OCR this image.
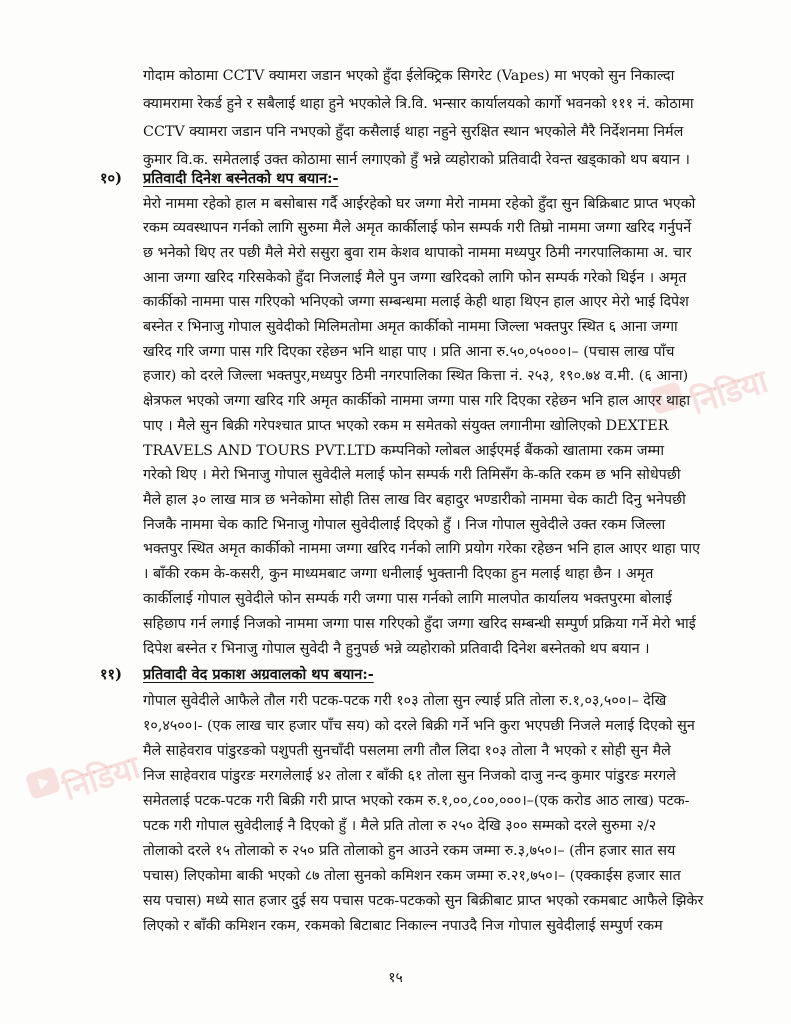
निडिया
निडिया
गोदाम कोठामा CCTV क्यामरा जडान भएको हुँदा ईलेक्ट्रिक सिगरेट (Vapes) मा भएको सुन निकाल्दा
क्यामरामा रेकर्ड हुने र सबैलाई थाहा हुने भएकोले त्रि.वि. भन्सार कार्यालयको कार्गो भवनको १११ नं. कोठामा
CCTV क्यामरा जडान पनि नभएको हुँदा कसैलाई थाहा नहुने सुरक्षित स्थान भएकोले मैरै निर्देशनमा निर्मल
कुमार वि.क. समेतलाई उक्त कोठामा सार्न लगाएको हुँ भन्ने व्यहोराको प्रतिवादी रेवन्त खड्काको थप बयान ।
१०) प्रतिवादी दिनेश बस्नेतको थप बयान:-
मेरो नाममा रहेको हाल म बसोबास गर्दै आईरहेको घर जग्गा मेरो नाममा रहेको हुँदा सुन बिक्रिबाट प्राप्त भएको
रकम व्यवस्थापन गर्नको लागि सुरुमा मैले अमृत कार्कीलाई फोन सम्पर्क गरी तिम्रो नाममा जग्गा खरिद गर्नुपर्ने
छ भनेको थिए तर पछी मैले मेरो ससुरा बुवा राम केशव थापाको नाममा मध्यपुर ठिमी नगरपालिकामा अ. चार
आना जग्गा खरिद गरिसकेको हुँदा निजलाई मैले पुन जग्गा खरिदको लागि फोन सम्पर्क गरेको थिईन । अमृत
कार्कीको नाममा पास गरिएको भनिएको जग्गा सम्बन्धमा मलाई केही थाहा थिएन हाल आएर मेरो भाई दिपेश
बस्नेत र भिनाजु गोपाल सुवेदीको मिलिमतोमा अमृत कार्कीको नाममा जिल्ला भक्तपुर स्थित ६ आना जग्गा
खरिद गरि जग्गा पास गरि दिएका रहेछन भनि थाहा पाए । प्रति आना रु.५०,०५०००।– (पचास लाख पाँच
हजार) को दरले जिल्ला भक्तपुर,मध्यपुर ठिमी नगरपालिका स्थित कित्ता नं. २५३, १९०.७४ व.मी. (६ आना)
क्षेत्रफल भएको जग्गा खरिद गरि अमृत कार्कीको नाममा जग्गा पास गरि दिएका रहेछन भनि हाल आएर थाहा
पाए । मैले सुन बिक्री गरेपश्चात प्राप्त भएको रकम म समेतको संयुक्त लगानीमा खोलिएको DEXTER
TRAVELS AND TOURS PVT.LTD कम्पनिको ग्लोबल आईएमई बैंकको खातामा रकम जम्मा
गरेको थिए । मेरो भिनाजु गोपाल सुवेदीले मलाई फोन सम्पर्क गरी तिमिसँग के-कति रकम छ भनि सोधेपछी
मैले हाल ३० लाख मात्र छ भनेकोमा सोही तिस लाख विर बहादुर भण्डारीको नाममा चेक काटी दिनु भनेपछी
निजकै नाममा चेक काटि भिनाजु गोपाल सुवेदीलाई दिएको हुँ । निज गोपाल सुवेदीले उक्त रकम जिल्ला
भक्तपुर स्थित अमृत कार्कीको नाममा जग्गा खरिद गर्नको लागि प्रयोग गरेका रहेछन भनि हाल आएर थाहा पाए
। बाँकी रकम के-कसरी, कुन माध्यमबाट जग्गा धनीलाई भुक्तानी दिएका हुन मलाई थाहा छैन । अमृत
कार्कीलाई गोपाल सुवेदीले फोन सम्पर्क गरी जग्गा पास गर्नको लागि मालपोत कार्यालय भक्तपुरमा बोलाई
सहिछाप गर्न लगाई निजको नाममा जग्गा पास गरिएको हुँदा जग्गा खरिद सम्बन्धी सम्पुर्ण प्रक्रिया गर्ने मेरो भाई
दिपेश बस्नेत र भिनाजु गोपाल सुवेदी नै हुनुपर्छ भन्ने व्यहोराको प्रतिवादी दिनेश बस्नेतको थप बयान ।
११) प्रतिवादी वेद प्रकाश अग्रवालको थप बयान:-
गोपाल सुवेदीले आफैले तौल गरी पटक-पटक गरी १०३ तोला सुन ल्याई प्रति तोला रु.१,०३,५००।– देखि
१०,४५००।- (एक लाख चार हजार पाँच सय) को दरले बिक्री गर्ने भनि कुरा भएपछी निजले मलाई दिएको सुन
मैले साहेवराव पांडुरङको पशुपती सुनचाँदी पसलमा लगी तौल लिदा १०३ तोला नै भएको र सोही सुन मैले
निज साहेवराव पांडुरङ मरगलेलाई ४२ तोला र बाँकी ६१ तोला सुन निजको दाजु नन्द कुमार पांडुरङ मरगले
समेतलाई पटक-पटक गरी बिक्री गरी प्राप्त भएको रकम रु.१,००,८००,०००।–(एक करोड आठ लाख) पटक-
पटक गरी गोपाल सुवेदीलाई नै दिएको हुँ । मैले प्रति तोला रु २५० देखि ३०० सम्मको दरले सुरुमा २/२
तोलाको दरले १५ तोलाको रु २५० प्रति तोलाको हुन आउने रकम जम्मा रु.३,७५०।– (तीन हजार सात सय
पचास) लिएकोमा बाकी भएको ८७ तोला सुनको कमिशन रकम जम्मा रु.२१,७५०।– (एक्काईस हजार सात
सय पचास) मध्ये सात हजार दुई सय पचास पटक-पटकको सुन बिक्रीबाट प्राप्त भएको रकमबाट आफैले झिकेर
लिएको र बाँकी कमिशन रकम, रकमको बिटाबाट निकाल्न नपाउदै निज गोपाल सुवेदीलाई सम्पुर्ण रकम
१५
